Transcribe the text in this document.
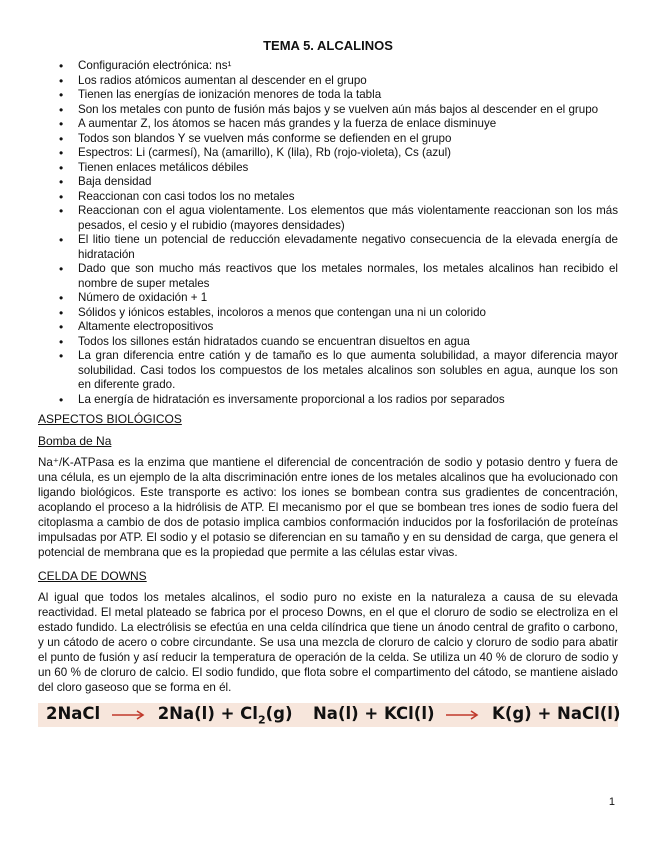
TEMA 5. ALCALINOS
• Configuración electrónica: ns¹
• Los radios atómicos aumentan al descender en el grupo
• Tienen las energías de ionización menores de toda la tabla
• Son los metales con punto de fusión más bajos y se vuelven aún más bajos al descender en el grupo
• A aumentar Z, los átomos se hacen más grandes y la fuerza de enlace disminuye
• Todos son blandos Y se vuelven más conforme se defienden en el grupo
• Espectros: Li (carmesí), Na (amarillo), K (lila), Rb (rojo-violeta), Cs (azul)
• Tienen enlaces metálicos débiles
• Baja densidad
• Reaccionan con casi todos los no metales
• Reaccionan con el agua violentamente. Los elementos que más violentamente reaccionan son los más pesados, el cesio y el rubidio (mayores densidades)
• El litio tiene un potencial de reducción elevadamente negativo consecuencia de la elevada energía de hidratación
• Dado que son mucho más reactivos que los metales normales, los metales alcalinos han recibido el nombre de super metales
• Número de oxidación + 1
• Sólidos y iónicos estables, incoloros a menos que contengan una ni un colorido
• Altamente electropositivos
• Todos los sillones están hidratados cuando se encuentran disueltos en agua
• La gran diferencia entre catión y de tamaño es lo que aumenta solubilidad, a mayor diferencia mayor solubilidad. Casi todos los compuestos de los metales alcalinos son solubles en agua, aunque los son en diferente grado.
• La energía de hidratación es inversamente proporcional a los radios por separados
ASPECTOS BIOLÓGICOS
Bomba de Na

Na⁺/K-ATPasa es la enzima que mantiene el diferencial de concentración de sodio y potasio dentro y fuera de una célula, es un ejemplo de la alta discriminación entre iones de los metales alcalinos que ha evolucionado con ligando biológicos. Este transporte es activo: los iones se bombean contra sus gradientes de concentración, acoplando el proceso a la hidrólisis de ATP. El mecanismo por el que se bombean tres iones de sodio fuera del citoplasma a cambio de dos de potasio implica cambios conformación inducidos por la fosforilación de proteínas impulsadas por ATP. El sodio y el potasio se diferencian en su tamaño y en su densidad de carga, que genera el potencial de membrana que es la propiedad que permite a las células estar vivas.

CELDA DE DOWNS

Al igual que todos los metales alcalinos, el sodio puro no existe en la naturaleza a causa de su elevada reactividad. El metal plateado se fabrica por el proceso Downs, en el que el cloruro de sodio se electroliza en el estado fundido. La electrólisis se efectúa en una celda cilíndrica que tiene un ánodo central de grafito o carbono, y un cátodo de acero o cobre circundante. Se usa una mezcla de cloruro de calcio y cloruro de sodio para abatir el punto de fusión y así reducir la temperatura de operación de la celda. Se utiliza un 40 % de cloruro de sodio y un 60 % de cloruro de calcio. El sodio fundido, que flota sobre el compartimento del cátodo, se mantiene aislado del cloro gaseoso que se forma en él.

2NaCl → $2Na(l) + Cl_2(g) Na(l) + KCl(l) \to K(g)$ + NaCl(l)
1
